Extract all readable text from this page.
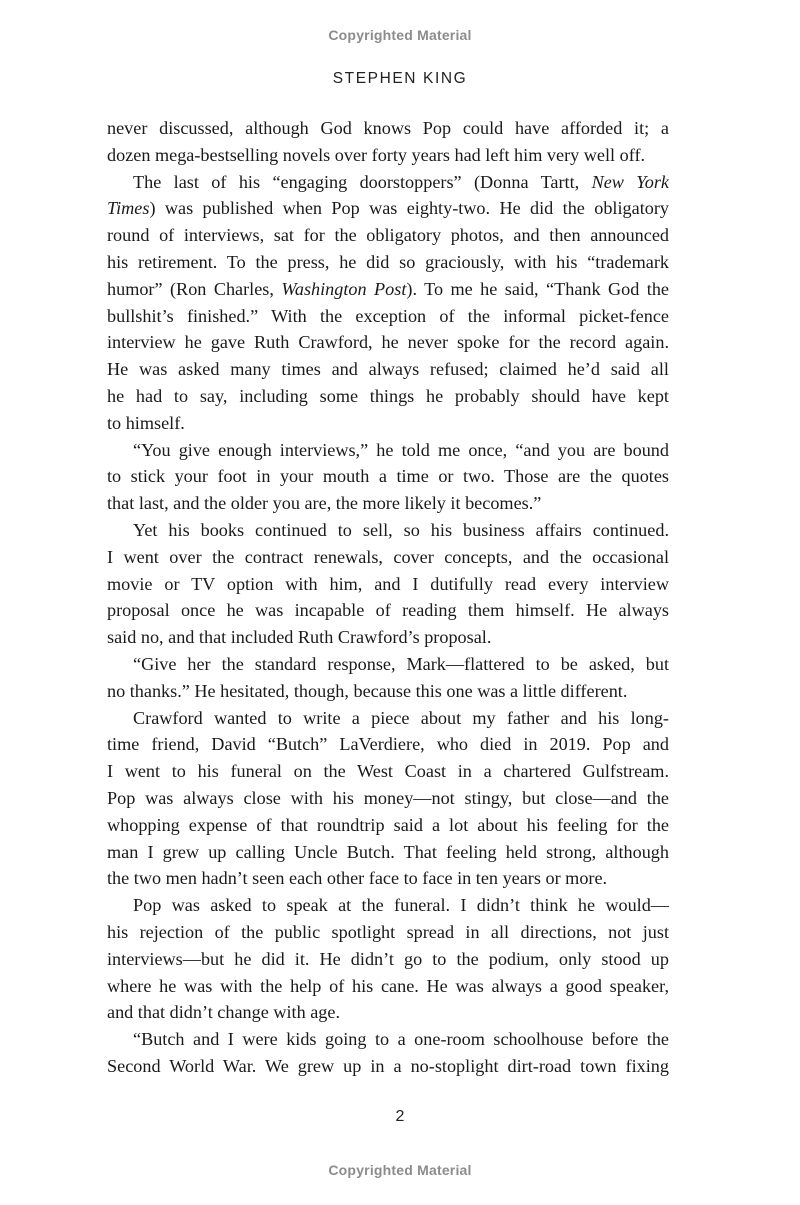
Copyrighted Material
STEPHEN KING
never discussed, although God knows Pop could have afforded it; a
dozen mega-bestselling novels over forty years had left him very well off.
The last of his “engaging doorstoppers” (Donna Tartt, New York
Times) was published when Pop was eighty-two. He did the obligatory
round of interviews, sat for the obligatory photos, and then announced
his retirement. To the press, he did so graciously, with his “trademark
humor” (Ron Charles, Washington Post). To me he said, “Thank God the
bullshit’s finished.” With the exception of the informal picket-fence
interview he gave Ruth Crawford, he never spoke for the record again.
He was asked many times and always refused; claimed he’d said all
he had to say, including some things he probably should have kept
to himself.
“You give enough interviews,” he told me once, “and you are bound
to stick your foot in your mouth a time or two. Those are the quotes
that last, and the older you are, the more likely it becomes.”
Yet his books continued to sell, so his business affairs continued.
I went over the contract renewals, cover concepts, and the occasional
movie or TV option with him, and I dutifully read every interview
proposal once he was incapable of reading them himself. He always
said no, and that included Ruth Crawford’s proposal.
“Give her the standard response, Mark—flattered to be asked, but
no thanks.” He hesitated, though, because this one was a little different.
Crawford wanted to write a piece about my father and his long-
time friend, David “Butch” LaVerdiere, who died in 2019. Pop and
I went to his funeral on the West Coast in a chartered Gulfstream.
Pop was always close with his money—not stingy, but close—and the
whopping expense of that roundtrip said a lot about his feeling for the
man I grew up calling Uncle Butch. That feeling held strong, although
the two men hadn’t seen each other face to face in ten years or more.
Pop was asked to speak at the funeral. I didn’t think he would—
his rejection of the public spotlight spread in all directions, not just
interviews—but he did it. He didn’t go to the podium, only stood up
where he was with the help of his cane. He was always a good speaker,
and that didn’t change with age.
“Butch and I were kids going to a one-room schoolhouse before the
Second World War. We grew up in a no-stoplight dirt-road town fixing
2
Copyrighted Material
